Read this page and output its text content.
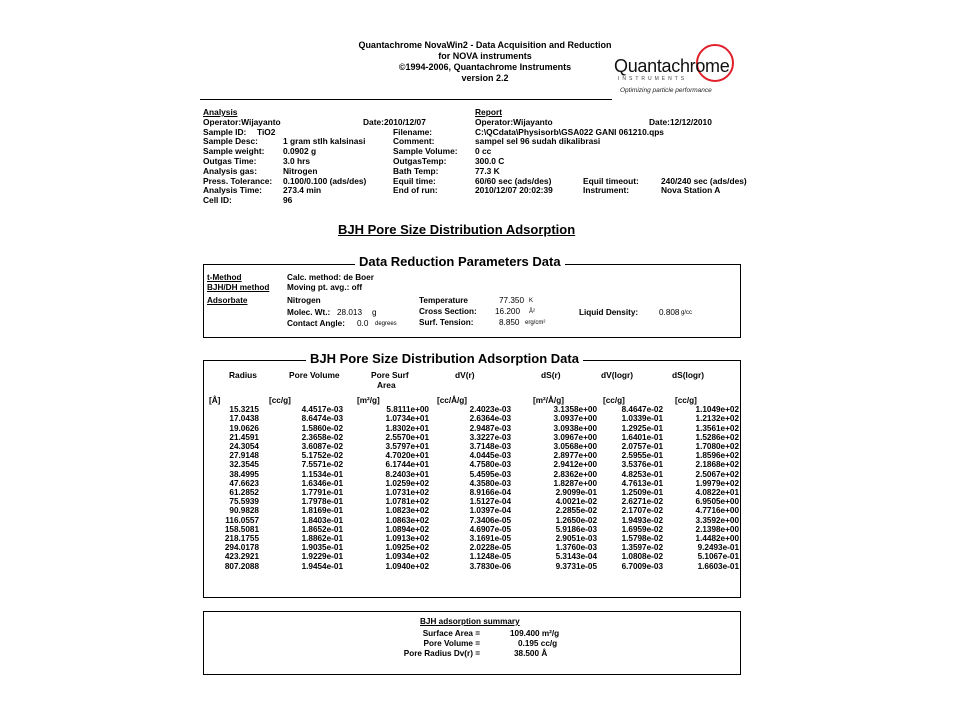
Quantachrome NovaWin2 - Data Acquisition and Reduction
for NOVA instruments
©1994-2006, Quantachrome Instruments
version 2.2
Quantachrome
INSTRUMENTS
Optimizing particle performance
Analysis	Report
Operator:Wijayanto	Date:2010/12/07	Operator:Wijayanto	Date:12/12/2010
Sample ID: TiO2	Filename:	C:\QCdata\Physisorb\GSA022 GANI 061210.qps
Sample Desc:	1 gram stlh kalsinasi	Comment:	sampel sel 96 sudah dikalibrasi
Sample weight: 0.0902 g	Sample Volume: 0 cc
Outgas Time:	3.0 hrs	OutgasTemp:	300.0 C
Analysis gas:	Nitrogen	Bath Temp:	77.3 K
Press. Tolerance: 0.100/0.100 (ads/des)	Equil time:	60/60 sec (ads/des)	Equil timeout:	240/240 sec (ads/des)
Analysis Time:	273.4 min	End of run:	2010/12/07 20:02:39	Instrument:	Nova Station A
Cell ID:	96
BJH Pore Size Distribution Adsorption
Data Reduction Parameters Data
t-Method	Calc. method: de Boer
BJH/DH method Moving pt. avg.: off
Adsorbate	Nitrogen
Molec. Wt.: 28.013 g
Contact Angle: 0.0 degrees
Temperature	77.350 K
Cross Section: 16.200 Å²
Surf. Tension:	8.850 erg/cm²
Liquid Density:	0.808 g/cc
BJH Pore Size Distribution Adsorption Data
Radius	Pore Volume	Pore Surf
Area
dV(r)	dS(r)	dV(logr)	dS(logr)
[Å]	[cc/g]	[m²/g]	[cc/Å/g]	[m²/Å/g]	[cc/g]	[cc/g]
15.3215	4.4517e-03	5.8111e+00	2.4023e-03	3.1358e+00	8.4647e-02	1.1049e+02
17.0438	8.6474e-03	1.0734e+01	2.6364e-03	3.0937e+00	1.0339e-01	1.2132e+02
19.0626	1.5860e-02	1.8302e+01	2.9487e-03	3.0938e+00	1.2925e-01	1.3561e+02
21.4591	2.3658e-02	2.5570e+01	3.3227e-03	3.0967e+00	1.6401e-01	1.5286e+02
24.3054	3.6087e-02	3.5797e+01	3.7148e-03	3.0568e+00	2.0757e-01	1.7080e+02
27.9148	5.1752e-02	4.7020e+01	4.0445e-03	2.8977e+00	2.5955e-01	1.8596e+02
32.3545	7.5571e-02	6.1744e+01	4.7580e-03	2.9412e+00	3.5376e-01	2.1868e+02
38.4995	1.1534e-01	8.2403e+01	5.4595e-03	2.8362e+00	4.8253e-01	2.5067e+02
47.6623	1.6346e-01	1.0259e+02	4.3580e-03	1.8287e+00	4.7613e-01	1.9979e+02
61.2852	1.7791e-01	1.0731e+02	8.9166e-04	2.9099e-01	1.2509e-01	4.0822e+01
75.5939	1.7978e-01	1.0781e+02	1.5127e-04	4.0021e-02	2.6271e-02	6.9505e+00
90.9828	1.8169e-01	1.0823e+02	1.0397e-04	2.2855e-02	2.1707e-02	4.7716e+00
116.0557	1.8403e-01	1.0863e+02	7.3406e-05	1.2650e-02	1.9493e-02	3.3592e+00
158.5081	1.8652e-01	1.0894e+02	4.6907e-05	5.9186e-03	1.6959e-02	2.1398e+00
218.1755	1.8862e-01	1.0913e+02	3.1691e-05	2.9051e-03	1.5798e-02	1.4482e+00
294.0178	1.9035e-01	1.0925e+02	2.0228e-05	1.3760e-03	1.3597e-02	9.2493e-01
423.2921	1.9229e-01	1.0934e+02	1.1248e-05	5.3143e-04	1.0808e-02	5.1067e-01
807.2088	1.9454e-01	1.0940e+02	3.7830e-06	9.3731e-05	6.7009e-03	1.6603e-01
BJH adsorption summary
Surface Area =	109.400 m²/g
Pore Volume =	0.195 cc/g
Pore Radius Dv(r) =	38.500 Å
